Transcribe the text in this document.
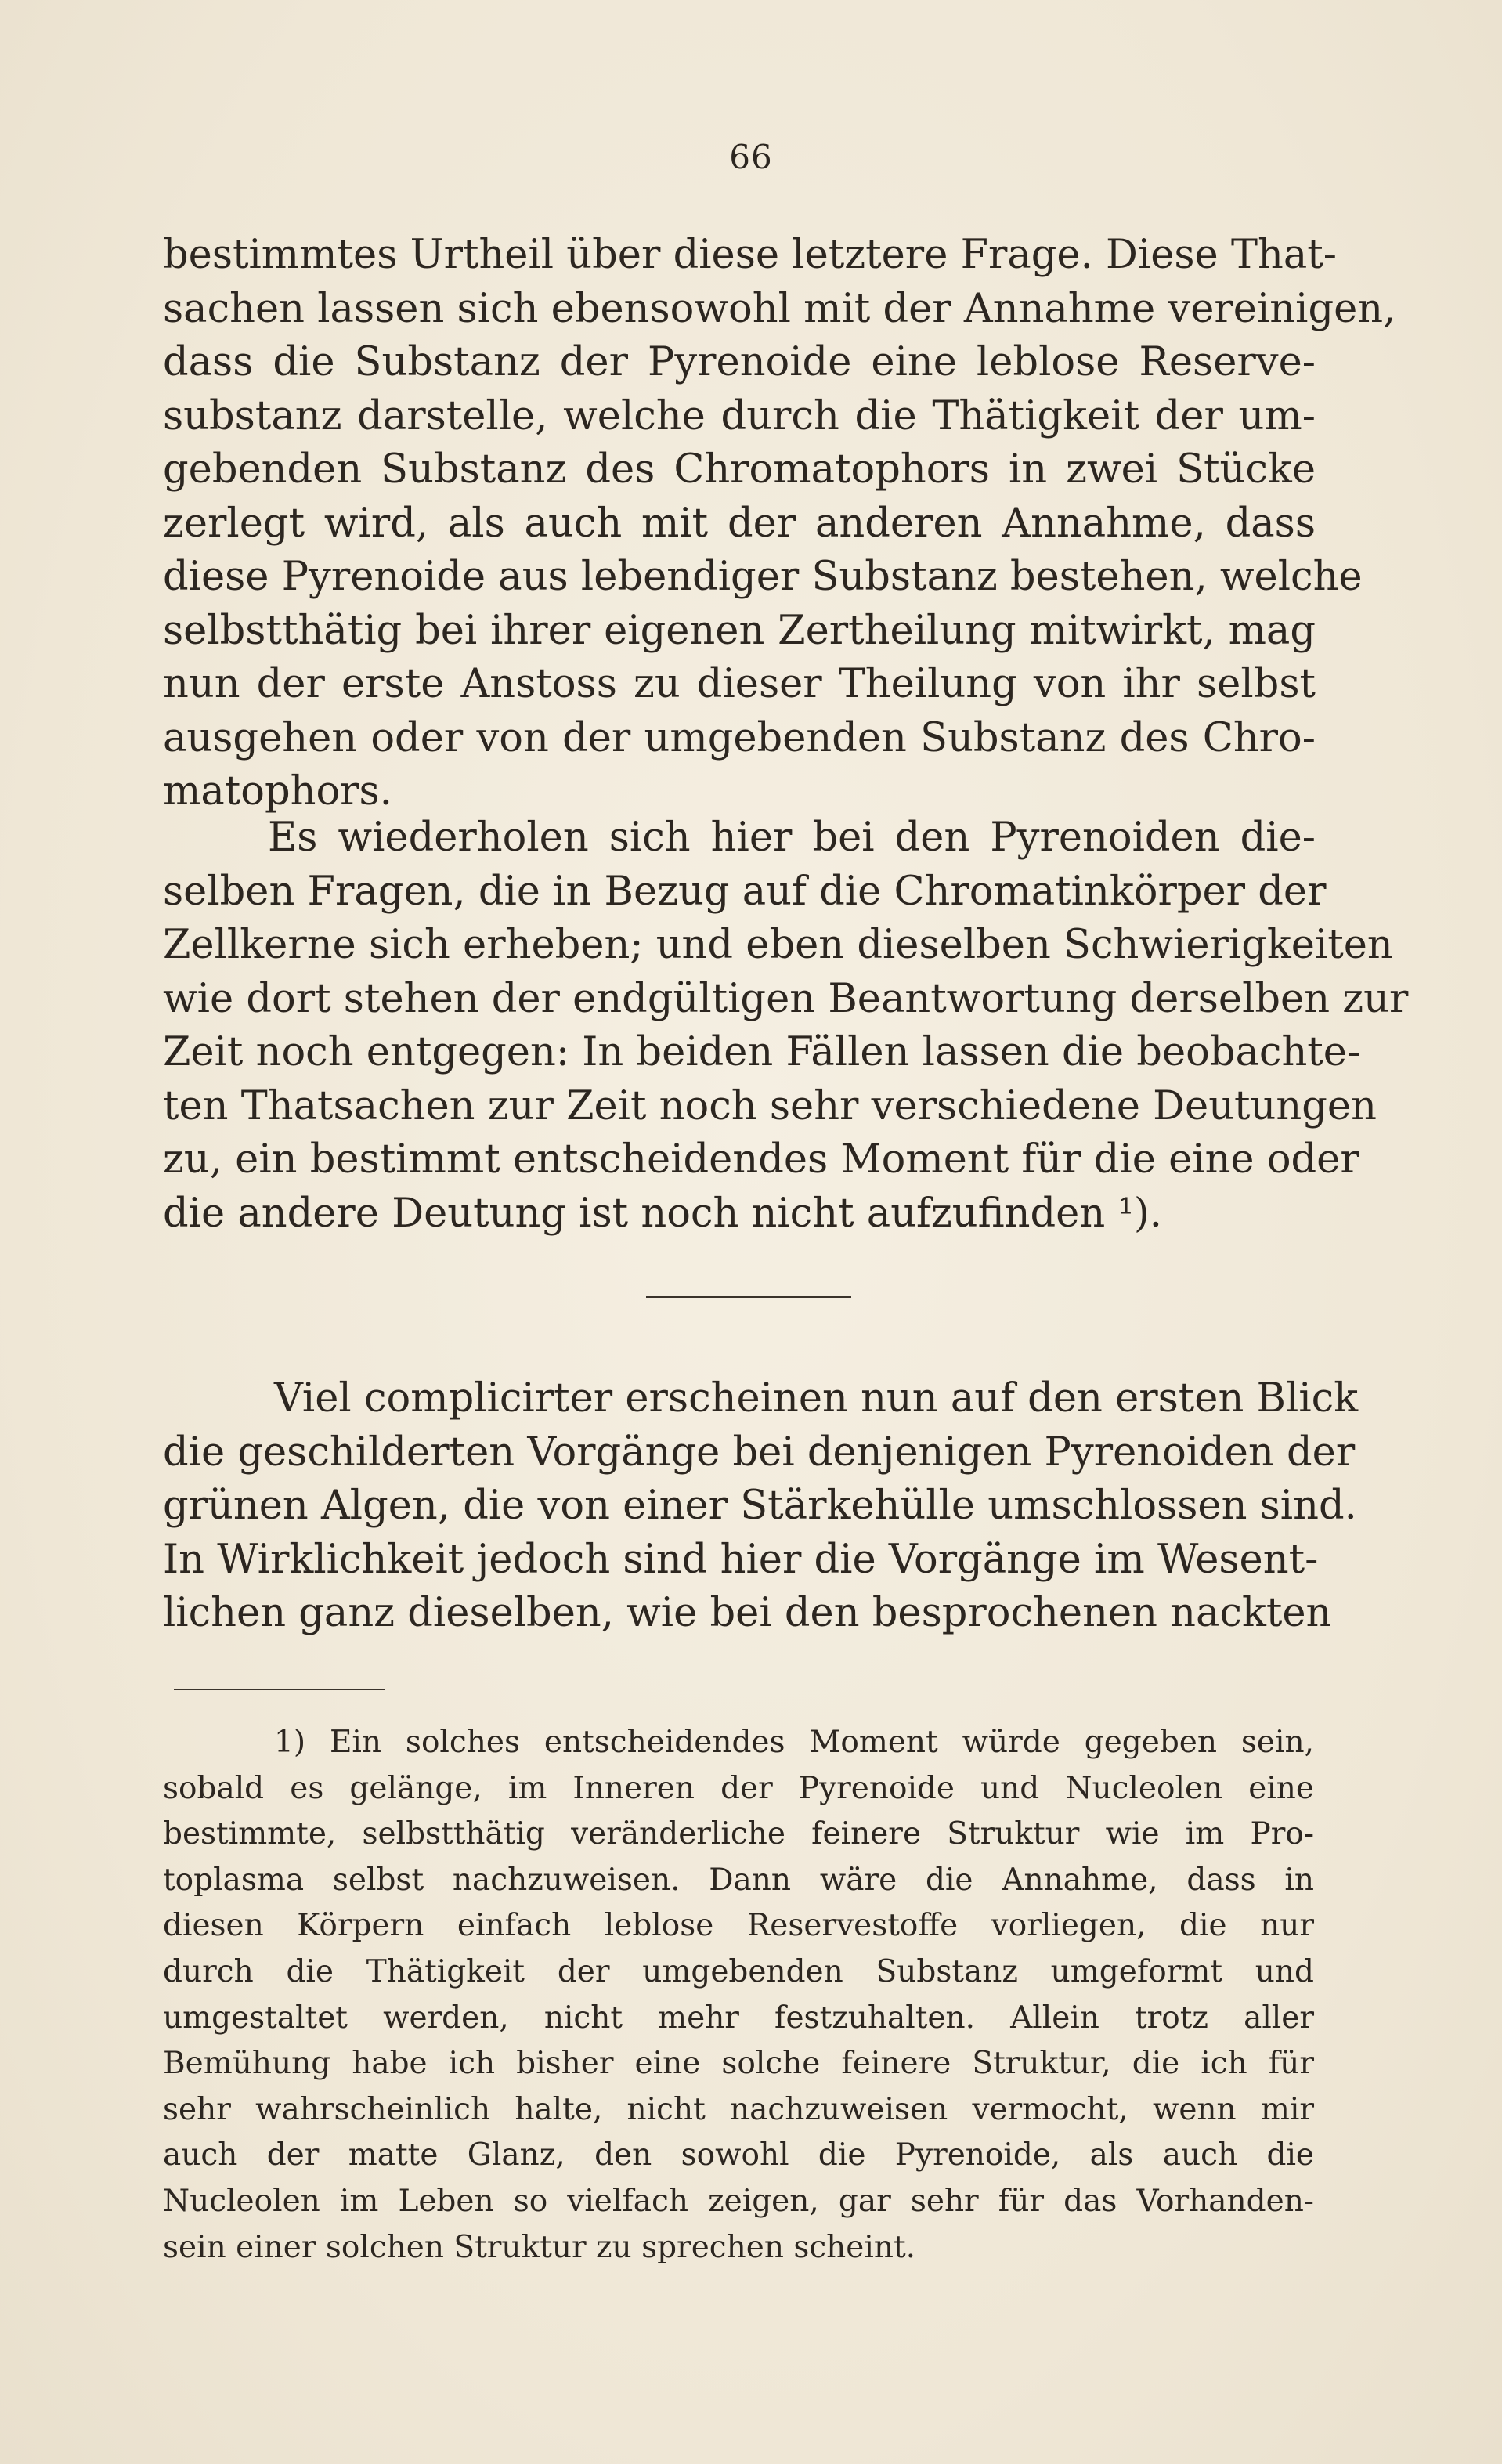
66
bestimmtes Urtheil über diese letztere Frage. Diese That-
sachen lassen sich ebensowohl mit der Annahme vereinigen,
dass die Substanz der Pyrenoide eine leblose Reserve-
substanz darstelle, welche durch die Thätigkeit der um-
gebenden Substanz des Chromatophors in zwei Stücke
zerlegt wird, als auch mit der anderen Annahme, dass
diese Pyrenoide aus lebendiger Substanz bestehen, welche
selbstthätig bei ihrer eigenen Zertheilung mitwirkt, mag
nun der erste Anstoss zu dieser Theilung von ihr selbst
ausgehen oder von der umgebenden Substanz des Chro-
matophors.
Es wiederholen sich hier bei den Pyrenoiden die-
selben Fragen, die in Bezug auf die Chromatinkörper der
Zellkerne sich erheben; und eben dieselben Schwierigkeiten
wie dort stehen der endgültigen Beantwortung derselben zur
Zeit noch entgegen: In beiden Fällen lassen die beobachte-
ten Thatsachen zur Zeit noch sehr verschiedene Deutungen
zu, ein bestimmt entscheidendes Moment für die eine oder
die andere Deutung ist noch nicht aufzufinden ¹).
Viel complicirter erscheinen nun auf den ersten Blick
die geschilderten Vorgänge bei denjenigen Pyrenoiden der
grünen Algen, die von einer Stärkehülle umschlossen sind.
In Wirklichkeit jedoch sind hier die Vorgänge im Wesent-
lichen ganz dieselben, wie bei den besprochenen nackten
1) Ein solches entscheidendes Moment würde gegeben sein,
sobald es gelänge, im Inneren der Pyrenoide und Nucleolen eine
bestimmte, selbstthätig veränderliche feinere Struktur wie im Pro-
toplasma selbst nachzuweisen. Dann wäre die Annahme, dass in
diesen Körpern einfach leblose Reservestoffe vorliegen, die nur
durch die Thätigkeit der umgebenden Substanz umgeformt und
umgestaltet werden, nicht mehr festzuhalten. Allein trotz aller
Bemühung habe ich bisher eine solche feinere Struktur, die ich für
sehr wahrscheinlich halte, nicht nachzuweisen vermocht, wenn mir
auch der matte Glanz, den sowohl die Pyrenoide, als auch die
Nucleolen im Leben so vielfach zeigen, gar sehr für das Vorhanden-
sein einer solchen Struktur zu sprechen scheint.
